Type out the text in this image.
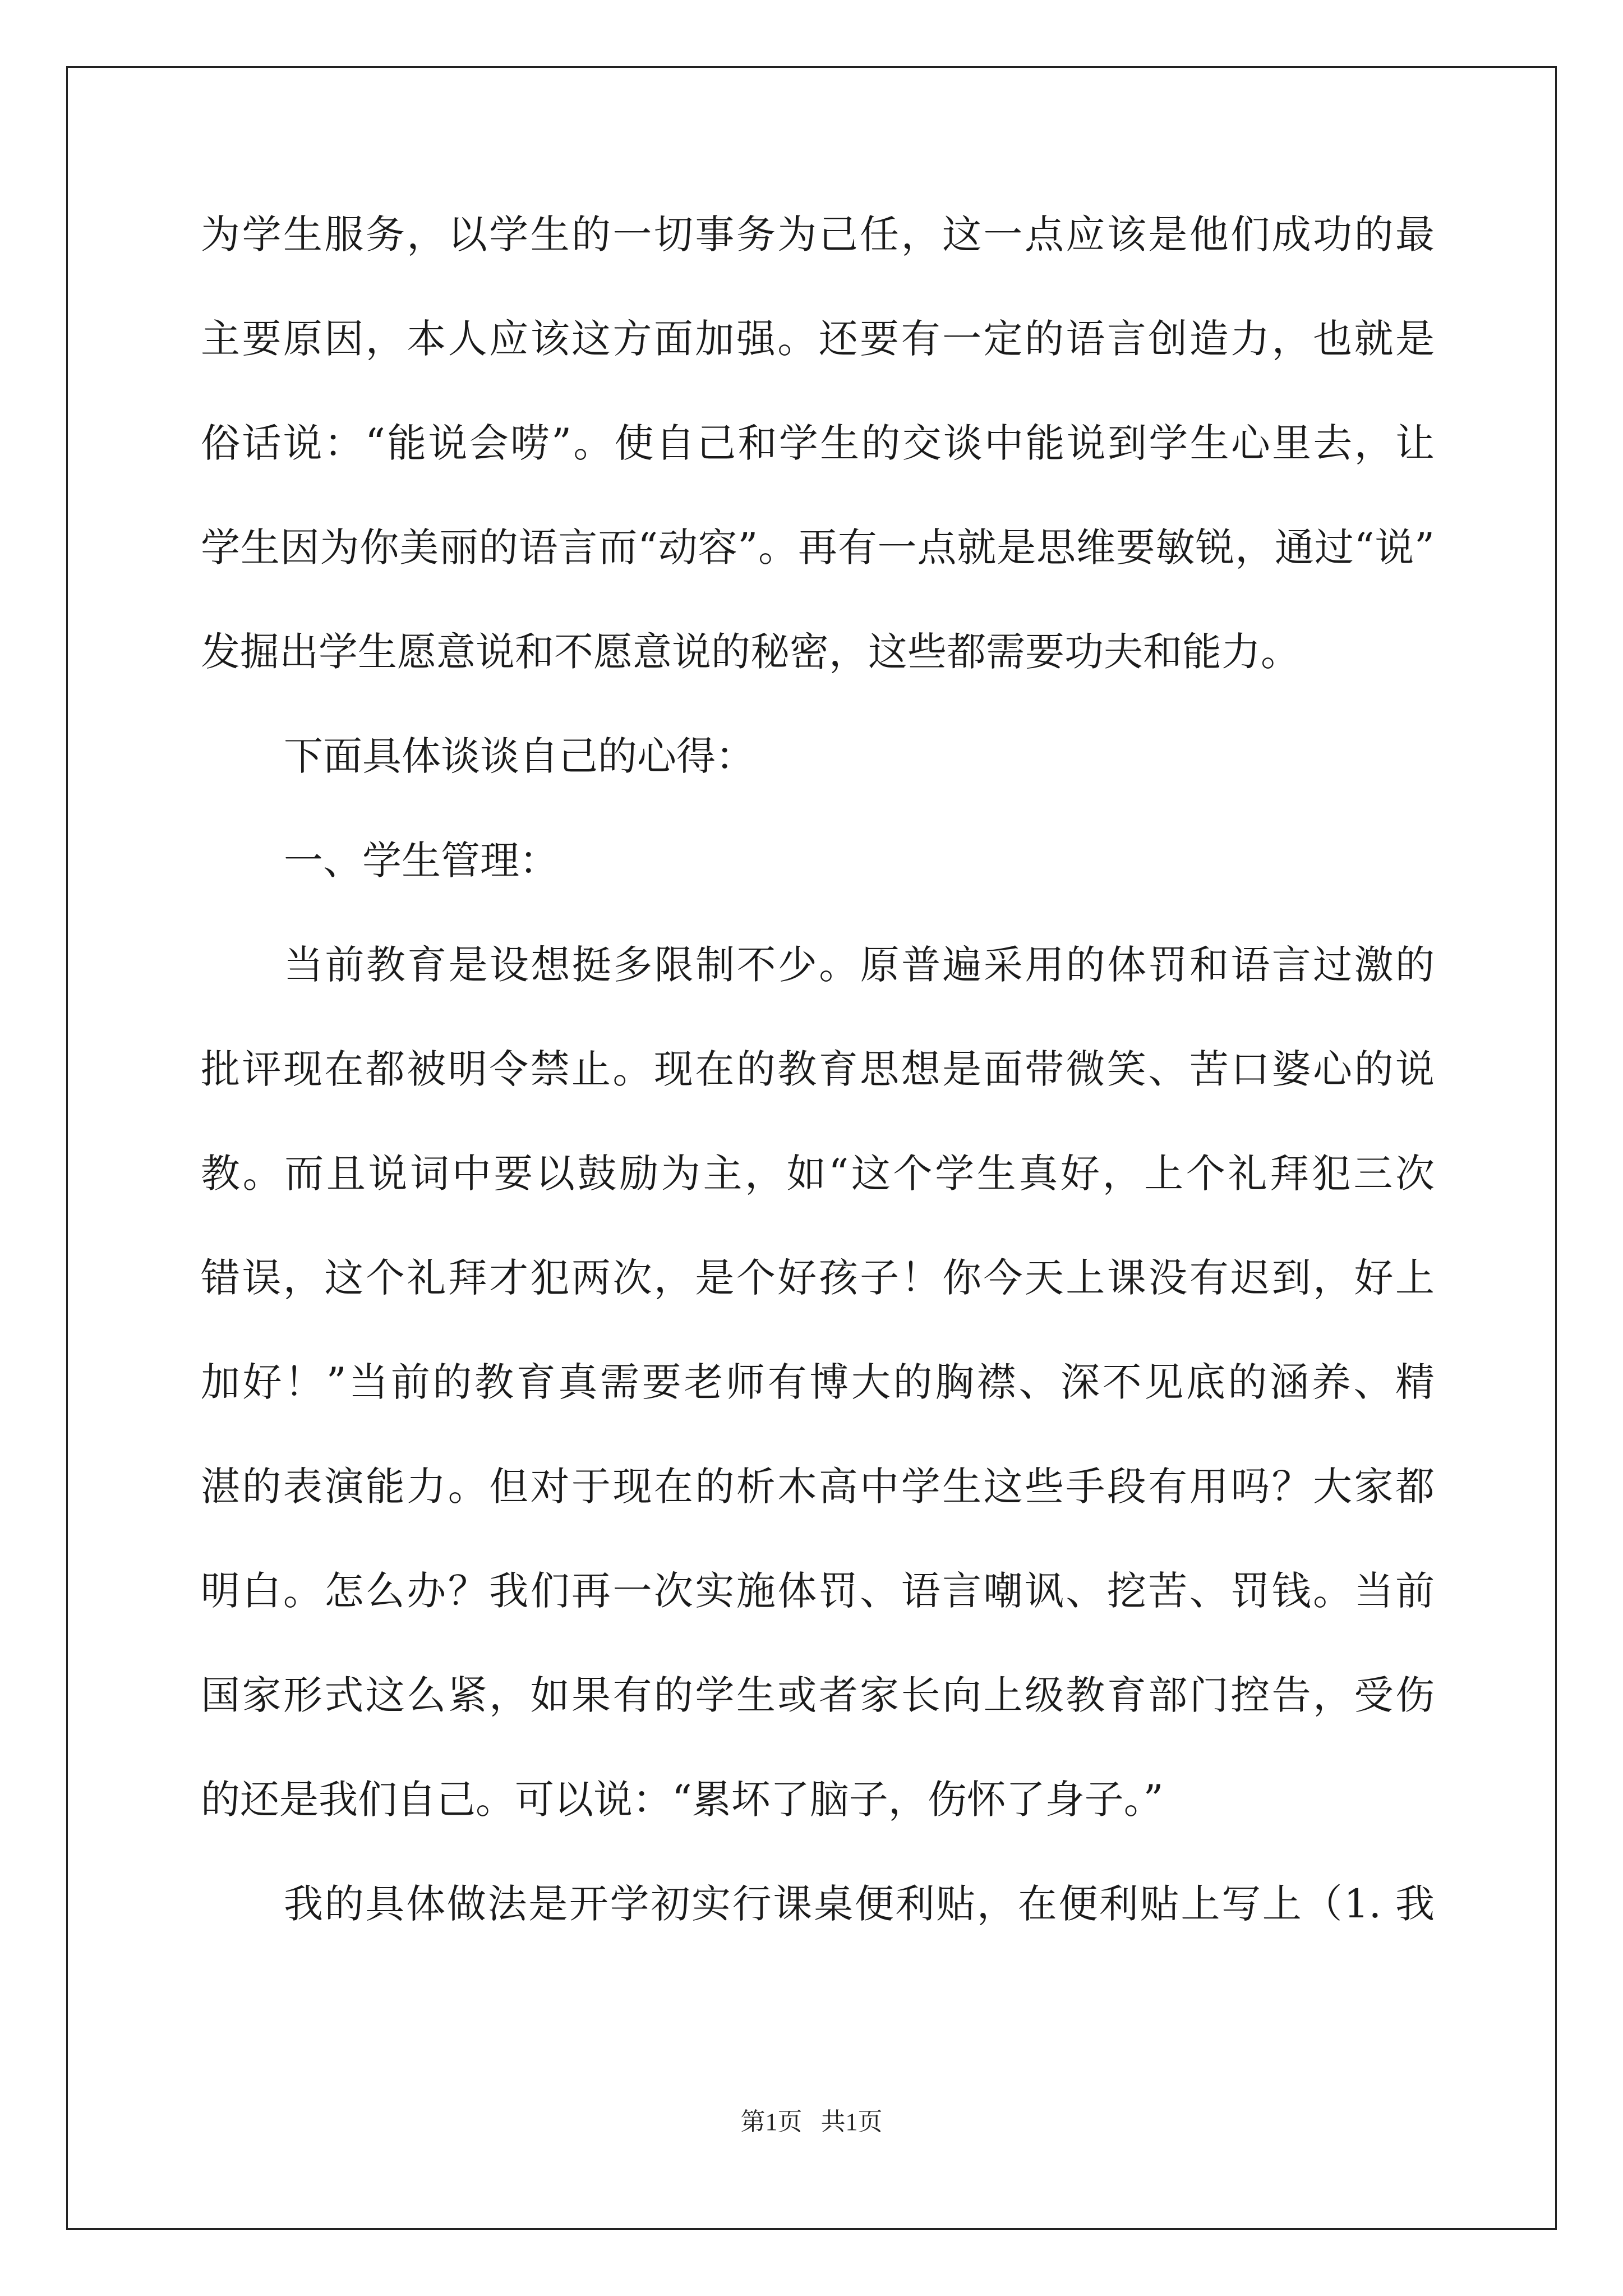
为学生服务，以学生的一切事务为己任，这一点应该是他们成功的最
主要原因，本人应该这方面加强。还要有一定的语言创造力，也就是
俗话说：“能说会唠”。使自己和学生的交谈中能说到学生心里去，让
学生因为你美丽的语言而“动容”。再有一点就是思维要敏锐，通过“说”
发掘出学生愿意说和不愿意说的秘密，这些都需要功夫和能力。
下面具体谈谈自己的心得：
一、学生管理：
当前教育是设想挺多限制不少。原普遍采用的体罚和语言过激的
批评现在都被明令禁止。现在的教育思想是面带微笑、苦口婆心的说
教。而且说词中要以鼓励为主，如“这个学生真好，上个礼拜犯三次
错误，这个礼拜才犯两次，是个好孩子！你今天上课没有迟到，好上
加好！”当前的教育真需要老师有博大的胸襟、深不见底的涵养、精
湛的表演能力。但对于现在的析木高中学生这些手段有用吗？大家都
明白。怎么办？我们再一次实施体罚、语言嘲讽、挖苦、罚钱。当前
国家形式这么紧，如果有的学生或者家长向上级教育部门控告，受伤
的还是我们自己。可以说：“累坏了脑子，伤怀了身子。”
我的具体做法是开学初实行课桌便利贴，在便利贴上写上（1. 我
第1页   共1页
